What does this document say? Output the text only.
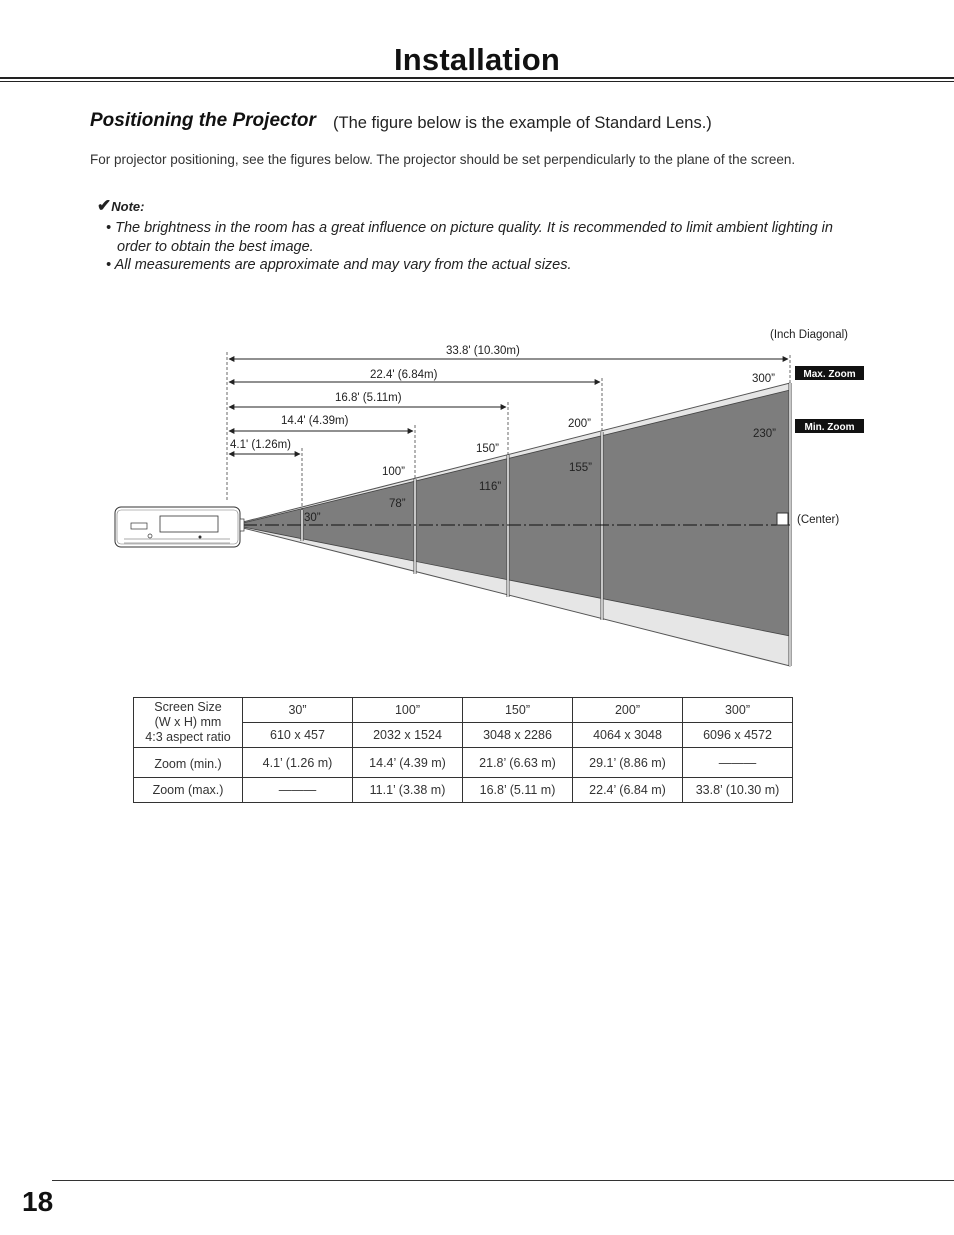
Installation
Positioning the Projector (The figure below is the example of Standard Lens.)
For projector positioning, see the figures below. The projector should be set perpendicularly to the plane of the screen.
✔Note:
• The brightness in the room has a great influence on picture quality. It is recommended to limit ambient lighting in order to obtain the best image.
• All measurements are approximate and may vary from the actual sizes.
33.8' (10.30m)
22.4' (6.84m)
16.8' (5.11m)
14.4' (4.39m)
4.1' (1.26m)
(Inch Diagonal)
Max. Zoom
Min. Zoom
(Center)
300”
200”
150”
100”
230”
155”
116”
78”
30”
Screen Size
(W x H) mm
4:3 aspect ratio	30”	100”	150”	200”	300”
	610 x 457	2032 x 1524	3048 x 2286	4064 x 3048	6096 x 4572
Zoom (min.)	4.1’ (1.26 m)	14.4’ (4.39 m)	21.8’ (6.63 m)	29.1’ (8.86 m)	———
Zoom (max.)	———	11.1’ (3.38 m)	16.8’ (5.11 m)	22.4’ (6.84 m)	33.8’ (10.30 m)
18
